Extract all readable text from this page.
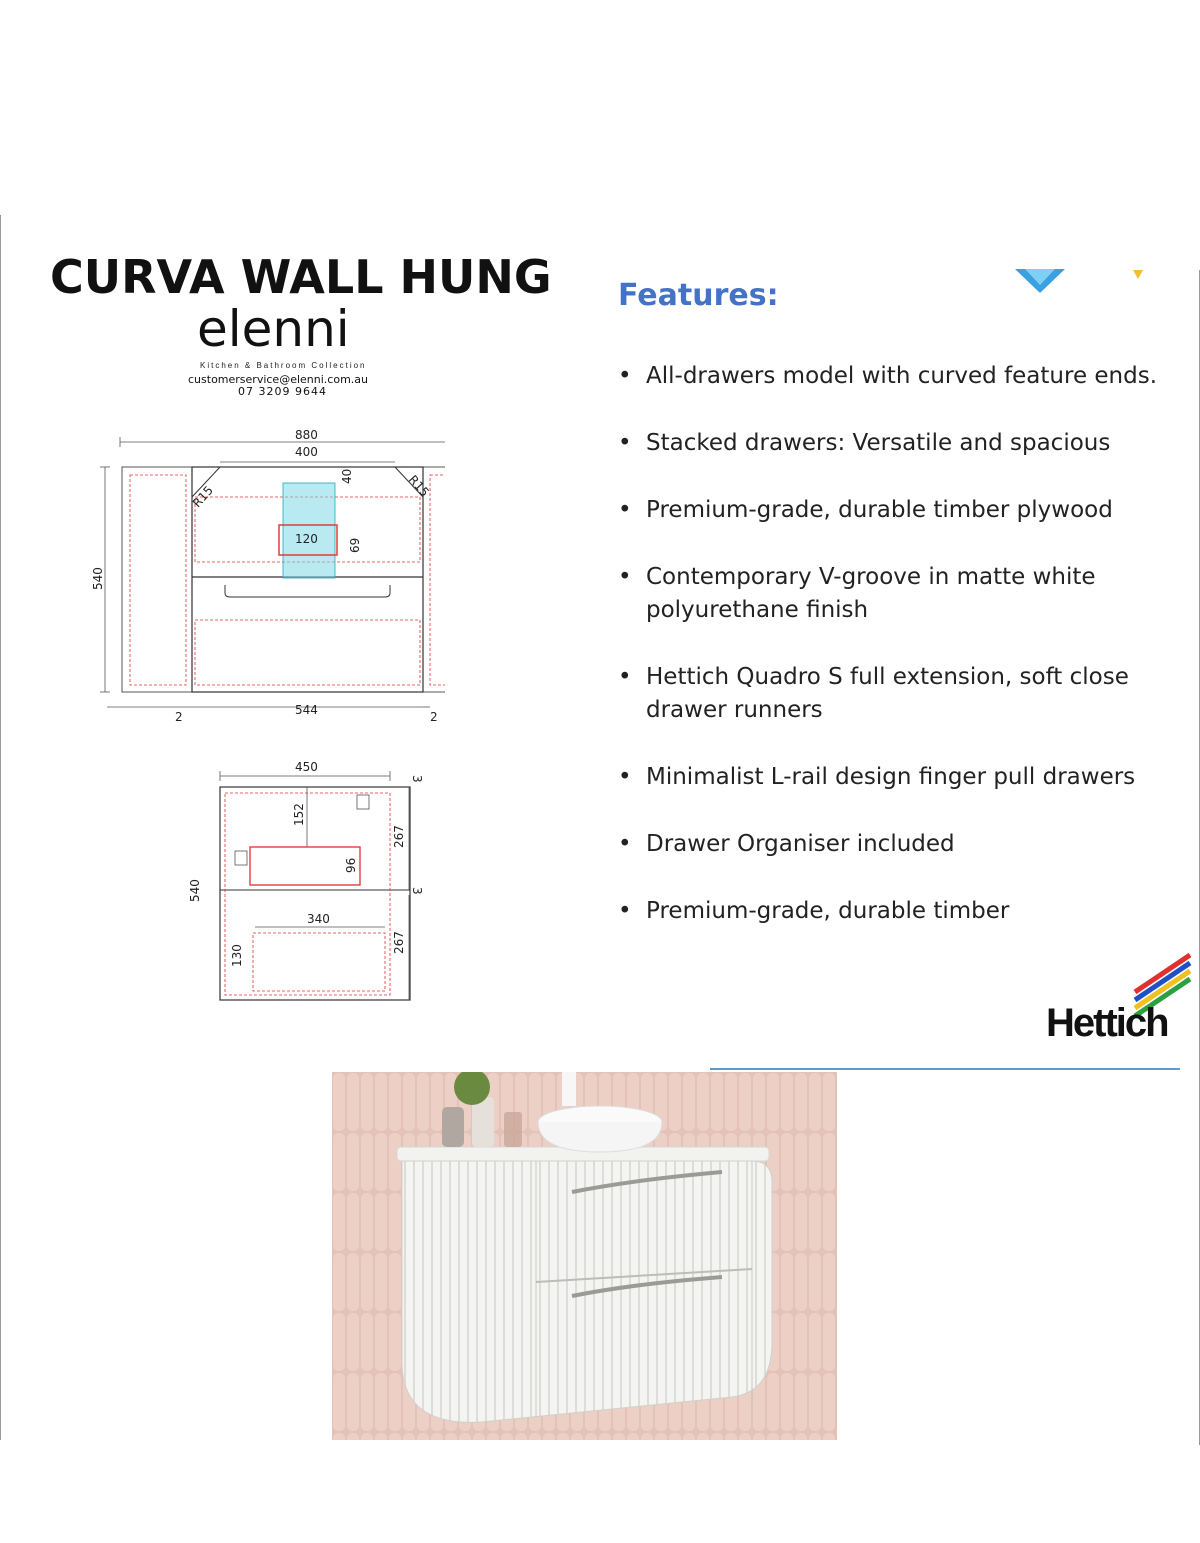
CURVA WALL HUNG
elenni
Kitchen & Bathroom Collection
customerservice@elenni.com.au
07 3209 9644
880
400
40
R15	R15
120	69
540
544
2	2
450
3
152
267
96
3
540
340
130
267
Features:
• All-drawers model with curved feature ends.
• Stacked drawers: Versatile and spacious
• Premium-grade, durable timber plywood
• Contemporary V-groove in matte white polyurethane finish
• Hettich Quadro S full extension, soft close drawer runners
• Minimalist L-rail design finger pull drawers
• Drawer Organiser included
• Premium-grade, durable timber
Hettich
